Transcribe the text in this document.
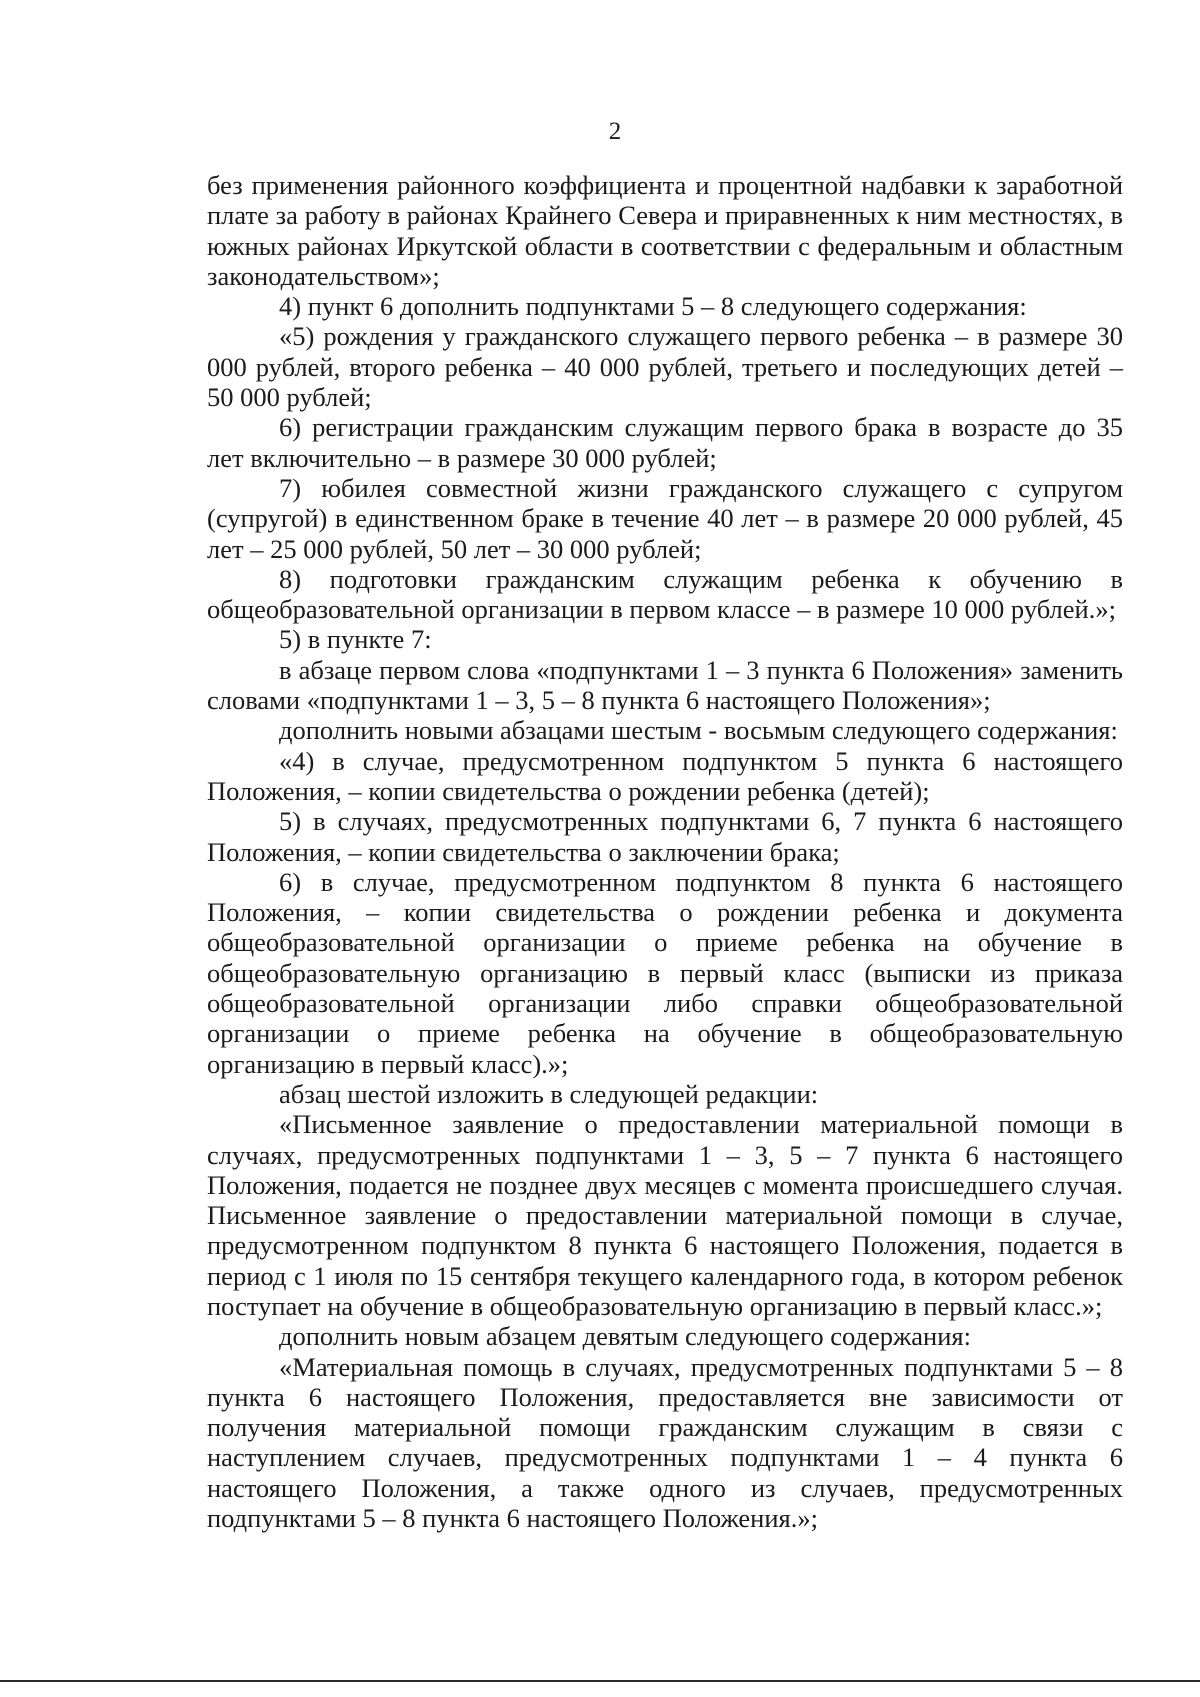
2

без применения районного коэффициента и процентной надбавки к заработной плате за работу в районах Крайнего Севера и приравненных к ним местностях, в южных районах Иркутской области в соответствии с федеральным и областным законодательством»;

4) пункт 6 дополнить подпунктами 5 – 8 следующего содержания:

«5) рождения у гражданского служащего первого ребенка – в размере 30 000 рублей, второго ребенка – 40 000 рублей, третьего и последующих детей – 50 000 рублей;

6) регистрации гражданским служащим первого брака в возрасте до 35 лет включительно – в размере 30 000 рублей;

7) юбилея совместной жизни гражданского служащего с супругом (супругой) в единственном браке в течение 40 лет – в размере 20 000 рублей, 45 лет – 25 000 рублей, 50 лет – 30 000 рублей;

8) подготовки гражданским служащим ребенка к обучению в общеобразовательной организации в первом классе – в размере 10 000 рублей.»;

5) в пункте 7:

в абзаце первом слова «подпунктами 1 – 3 пункта 6 Положения» заменить словами «подпунктами 1 – 3, 5 – 8 пункта 6 настоящего Положения»;

дополнить новыми абзацами шестым - восьмым следующего содержания:

«4) в случае, предусмотренном подпунктом 5 пункта 6 настоящего Положения, – копии свидетельства о рождении ребенка (детей);

5) в случаях, предусмотренных подпунктами 6, 7 пункта 6 настоящего Положения, – копии свидетельства о заключении брака;

6) в случае, предусмотренном подпунктом 8 пункта 6 настоящего Положения, – копии свидетельства о рождении ребенка и документа общеобразовательной организации о приеме ребенка на обучение в общеобразовательную организацию в первый класс (выписки из приказа общеобразовательной организации либо справки общеобразовательной организации о приеме ребенка на обучение в общеобразовательную организацию в первый класс).»;

абзац шестой изложить в следующей редакции:

«Письменное заявление о предоставлении материальной помощи в случаях, предусмотренных подпунктами 1 – 3, 5 – 7 пункта 6 настоящего Положения, подается не позднее двух месяцев с момента происшедшего случая. Письменное заявление о предоставлении материальной помощи в случае, предусмотренном подпунктом 8 пункта 6 настоящего Положения, подается в период с 1 июля по 15 сентября текущего календарного года, в котором ребенок поступает на обучение в общеобразовательную организацию в первый класс.»;

дополнить новым абзацем девятым следующего содержания:

«Материальная помощь в случаях, предусмотренных подпунктами 5 – 8 пункта 6 настоящего Положения, предоставляется вне зависимости от получения материальной помощи гражданским служащим в связи с наступлением случаев, предусмотренных подпунктами 1 – 4 пункта 6 настоящего Положения, а также одного из случаев, предусмотренных подпунктами 5 – 8 пункта 6 настоящего Положения.»;
